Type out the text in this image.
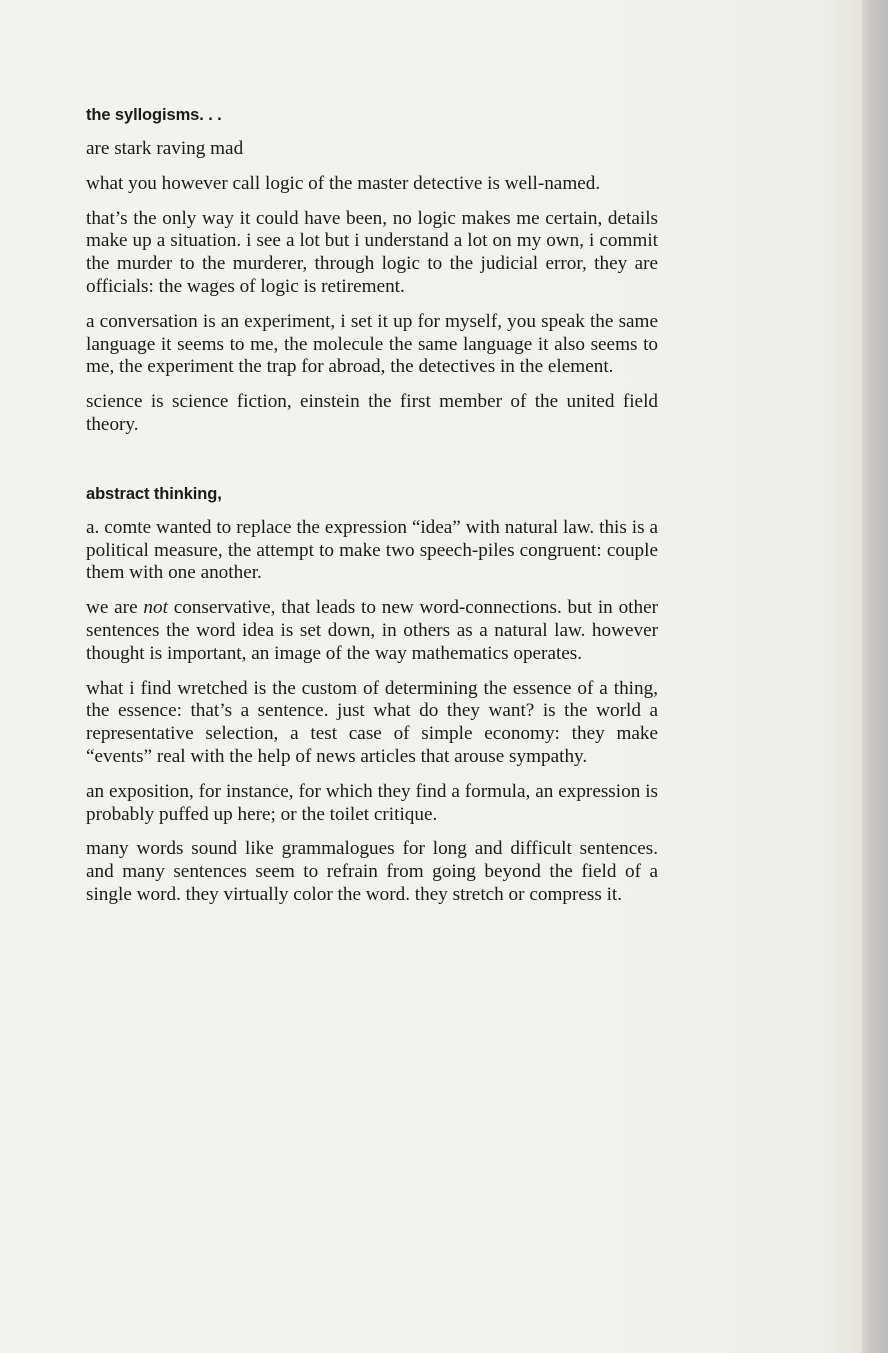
the syllogisms. . .

are stark raving mad

what you however call logic of the master detective is well-named.

that’s the only way it could have been, no logic makes me certain, details make up a situation. i see a lot but i understand a lot on my own, i commit the murder to the murderer, through logic to the judicial error, they are officials: the wages of logic is retirement.

a conversation is an experiment, i set it up for myself, you speak the same language it seems to me, the molecule the same language it also seems to me, the experiment the trap for abroad, the detectives in the element.

science is science fiction, einstein the first member of the united field theory.

abstract thinking,

a. comte wanted to replace the expression “idea” with natural law. this is a political measure, the attempt to make two speech-piles congruent: couple them with one another.

we are not conservative, that leads to new word-connections. but in other sentences the word idea is set down, in others as a natural law. however thought is important, an image of the way mathematics operates.

what i find wretched is the custom of determining the essence of a thing, the essence: that’s a sentence. just what do they want? is the world a representative selection, a test case of simple economy: they make “events” real with the help of news articles that arouse sympathy.

an exposition, for instance, for which they find a formula, an expression is probably puffed up here; or the toilet critique.

many words sound like grammalogues for long and difficult sentences. and many sentences seem to refrain from going beyond the field of a single word. they virtually color the word. they stretch or compress it.
